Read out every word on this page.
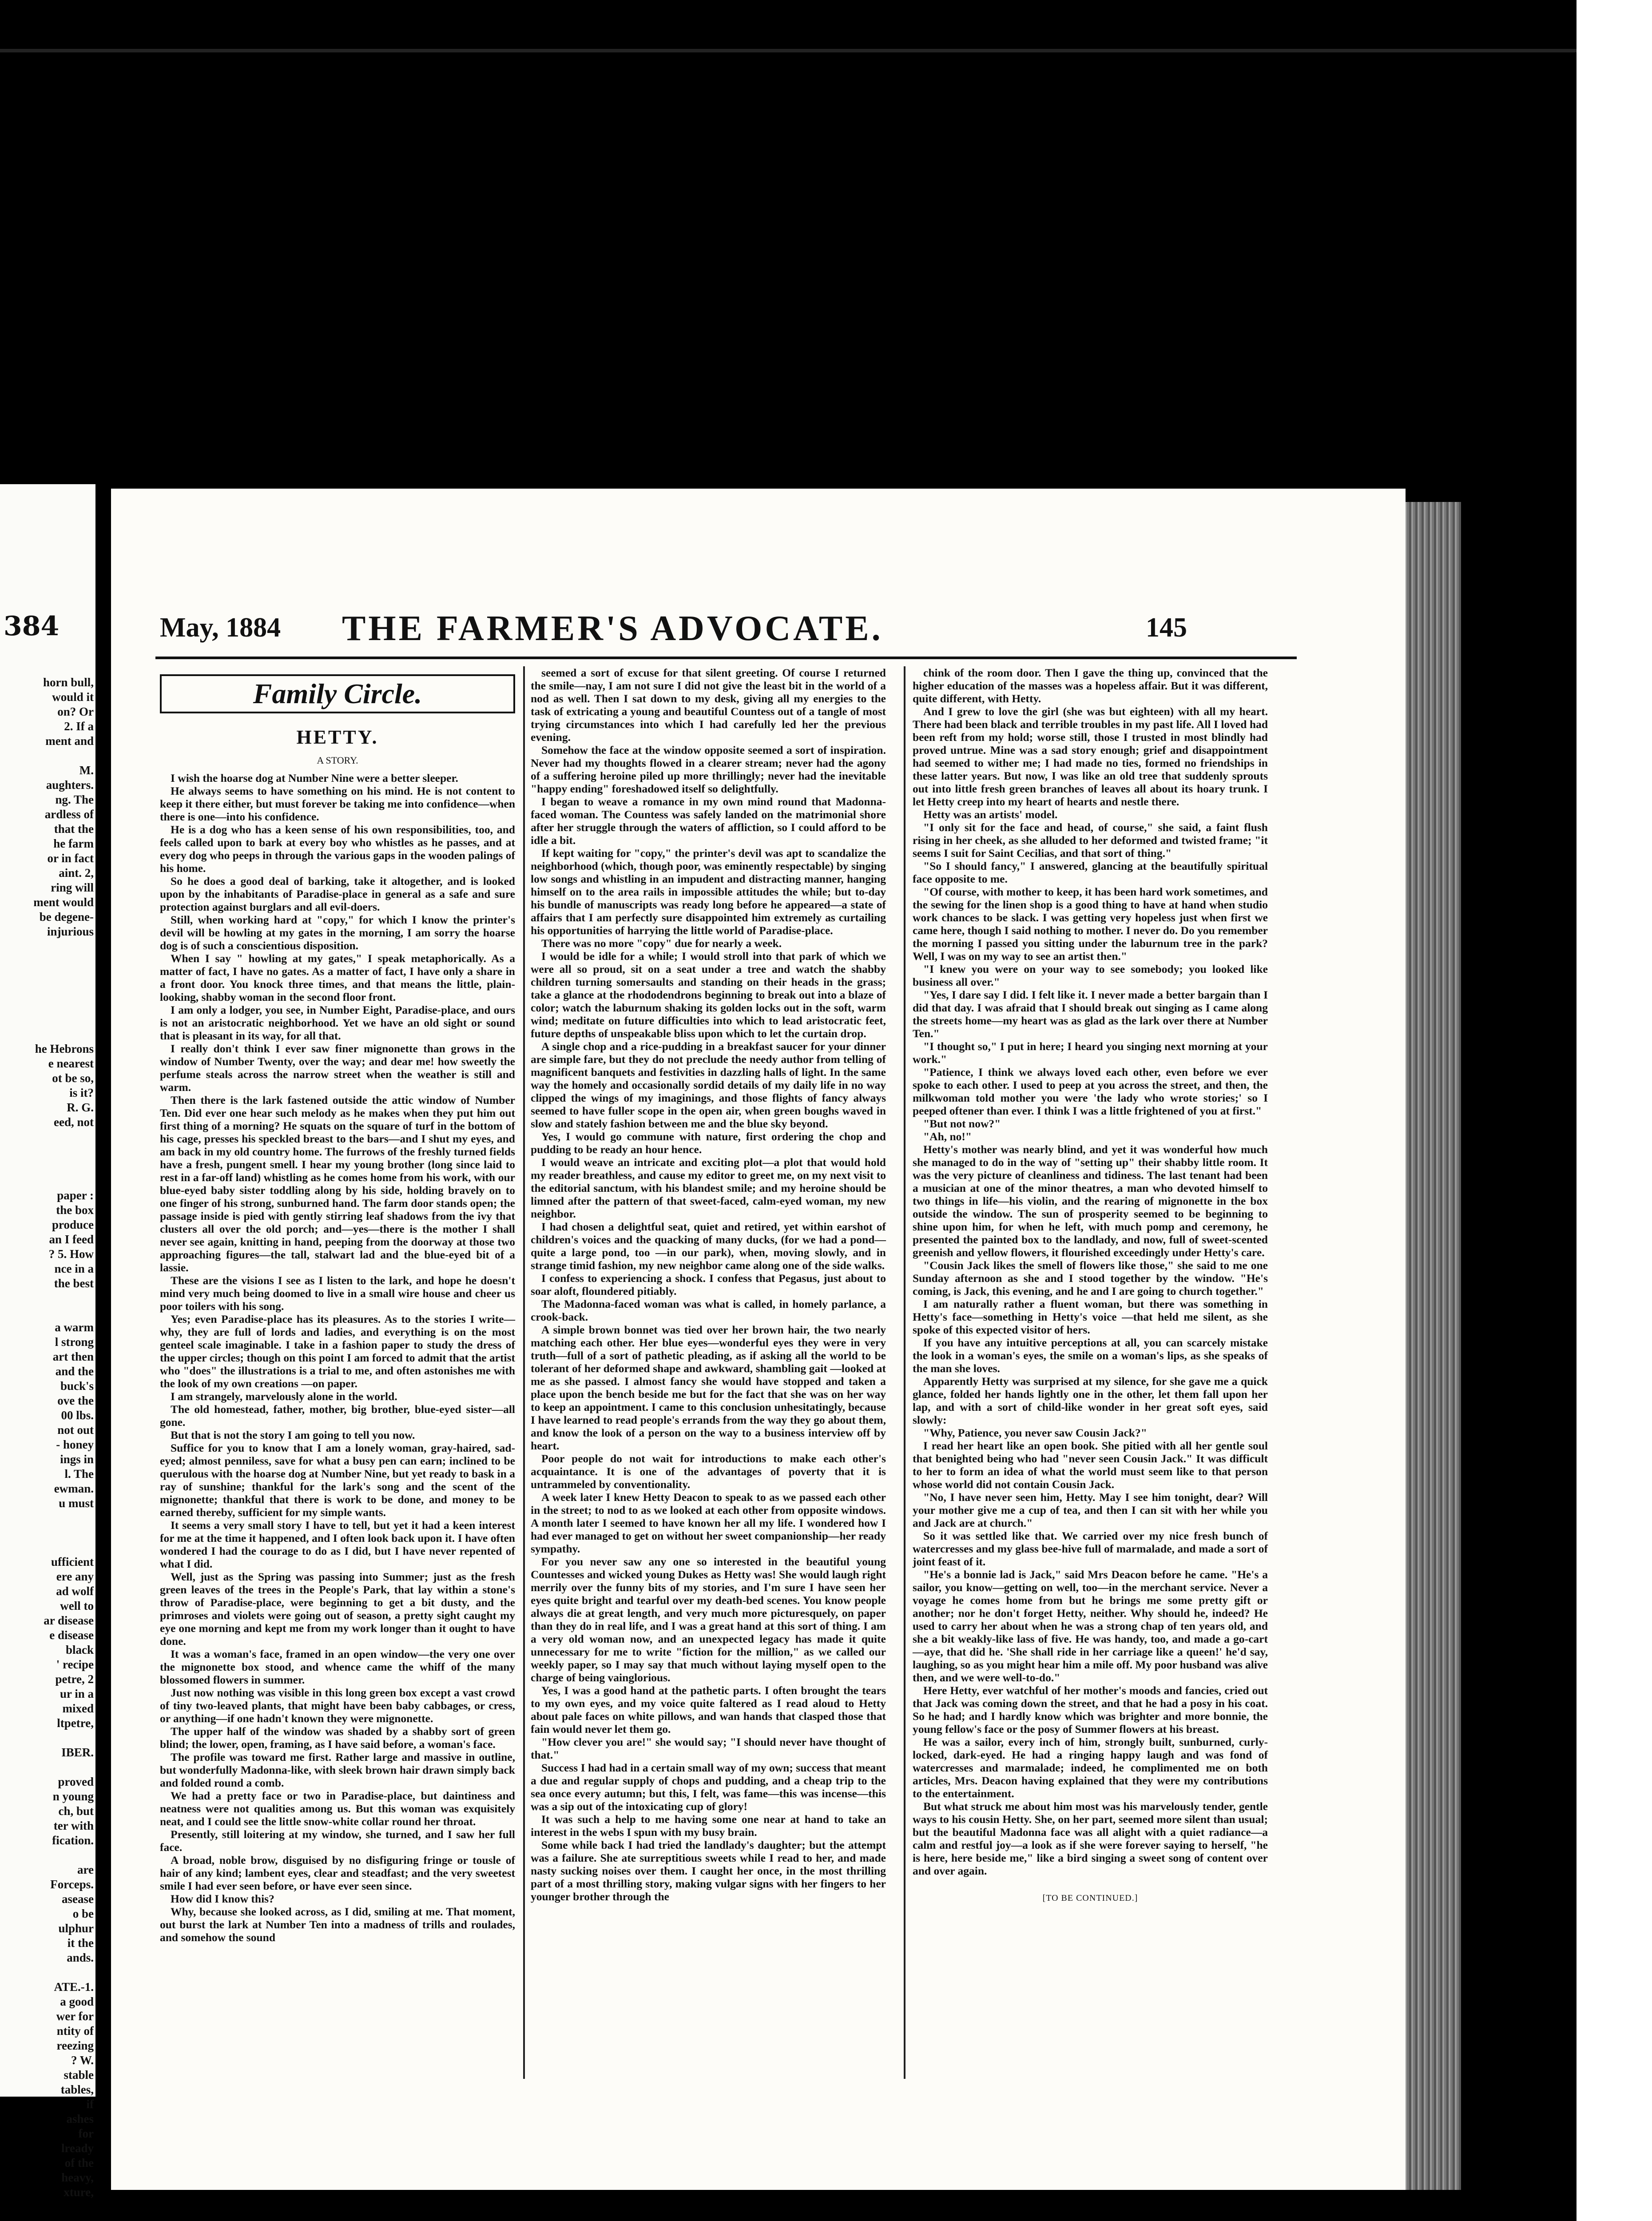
384
horn bull,
would it
on? Or
2. If a
ment and

M.
aughters.
ng. The
ardless of
that the
he farm
or in fact
aint. 2,
ring will
ment would
be degene-
injurious

he Hebrons
e nearest
ot be so,
is it?
R. G.
eed, not

paper :
the box
produce
an I feed
? 5. How
nce in a
the best

a warm
l strong
art then
and the
buck's
ove the
00 lbs.
not out
- honey
ings in
l. The
ewman.
u must

ufficient
ere any
ad wolf
well to
ar disease
e disease
black
' recipe
petre, 2
ur in a
mixed
ltpetre,

IBER.

proved
n young
ch, but
ter with
fication.

are
Forceps.
asease
o be
ulphur
it the
ands.

ATE.-1.
a good
wer for
ntity of
reezing
? W.
stable
tables,
if
ashes
for
lready
of the
heavy,
xture,
May, 1884 THE FARMER'S ADVOCATE.	145
Family Circle.
HETTY.
A STORY.

I wish the hoarse dog at Number Nine were a better sleeper.

He always seems to have something on his mind. He is not content to keep it there either, but must forever be taking me into confidence—when there is one—into his confidence.

He is a dog who has a keen sense of his own responsibilities, too, and feels called upon to bark at every boy who whistles as he passes, and at every dog who peeps in through the various gaps in the wooden palings of his home.

So he does a good deal of barking, take it altogether, and is looked upon by the inhabitants of Paradise-place in general as a safe and sure protection against burglars and all evil-doers.

Still, when working hard at "copy," for which I know the printer's devil will be howling at my gates in the morning, I am sorry the hoarse dog is of such a conscientious disposition.

When I say " howling at my gates," I speak metaphorically. As a matter of fact, I have no gates. As a matter of fact, I have only a share in a front door. You knock three times, and that means the little, plain-looking, shabby woman in the second floor front.

I am only a lodger, you see, in Number Eight, Paradise-place, and ours is not an aristocratic neighborhood. Yet we have an old sight or sound that is pleasant in its way, for all that.

I really don't think I ever saw finer mignonette than grows in the window of Number Twenty, over the way; and dear me! how sweetly the perfume steals across the narrow street when the weather is still and warm.

Then there is the lark fastened outside the attic window of Number Ten. Did ever one hear such melody as he makes when they put him out first thing of a morning? He squats on the square of turf in the bottom of his cage, presses his speckled breast to the bars—and I shut my eyes, and am back in my old country home. The furrows of the freshly turned fields have a fresh, pungent smell. I hear my young brother (long since laid to rest in a far-off land) whistling as he comes home from his work, with our blue-eyed baby sister toddling along by his side, holding bravely on to one finger of his strong, sunburned hand. The farm door stands open; the passage inside is pied with gently stirring leaf shadows from the ivy that clusters all over the old porch; and—yes—there is the mother I shall never see again, knitting in hand, peeping from the doorway at those two approaching figures—the tall, stalwart lad and the blue-eyed bit of a lassie.

These are the visions I see as I listen to the lark, and hope he doesn't mind very much being doomed to live in a small wire house and cheer us poor toilers with his song.

Yes; even Paradise-place has its pleasures. As to the stories I write—why, they are full of lords and ladies, and everything is on the most genteel scale imaginable. I take in a fashion paper to study the dress of the upper circles; though on this point I am forced to admit that the artist who "does" the illustrations is a trial to me, and often astonishes me with the look of my own creations —on paper.

I am strangely, marvelously alone in the world.

The old homestead, father, mother, big brother, blue-eyed sister—all gone.

But that is not the story I am going to tell you now.

Suffice for you to know that I am a lonely woman, gray-haired, sad-eyed; almost penniless, save for what a busy pen can earn; inclined to be querulous with the hoarse dog at Number Nine, but yet ready to bask in a ray of sunshine; thankful for the lark's song and the scent of the mignonette; thankful that there is work to be done, and money to be earned thereby, sufficient for my simple wants.

It seems a very small story I have to tell, but yet it had a keen interest for me at the time it happened, and I often look back upon it. I have often wondered I had the courage to do as I did, but I have never repented of what I did.

Well, just as the Spring was passing into Summer; just as the fresh green leaves of the trees in the People's Park, that lay within a stone's throw of Paradise-place, were beginning to get a bit dusty, and the primroses and violets were going out of season, a pretty sight caught my eye one morning and kept me from my work longer than it ought to have done.

It was a woman's face, framed in an open window—the very one over the mignonette box stood, and whence came the whiff of the many blossomed flowers in summer.

Just now nothing was visible in this long green box except a vast crowd of tiny two-leaved plants, that might have been baby cabbages, or cress, or anything—if one hadn't known they were mignonette.

The upper half of the window was shaded by a shabby sort of green blind; the lower, open, framing, as I have said before, a woman's face.

The profile was toward me first. Rather large and massive in outline, but wonderfully Madonna-like, with sleek brown hair drawn simply back and folded round a comb.

We had a pretty face or two in Paradise-place, but daintiness and neatness were not qualities among us. But this woman was exquisitely neat, and I could see the little snow-white collar round her throat.

Presently, still loitering at my window, she turned, and I saw her full face.

A broad, noble brow, disguised by no disfiguring fringe or tousle of hair of any kind; lambent eyes, clear and steadfast; and the very sweetest smile I had ever seen before, or have ever seen since.

How did I know this?

Why, because she looked across, as I did, smiling at me. That moment, out burst the lark at Number Ten into a madness of trills and roulades, and somehow the sound

seemed a sort of excuse for that silent greeting. Of course I returned the smile—nay, I am not sure I did not give the least bit in the world of a nod as well. Then I sat down to my desk, giving all my energies to the task of extricating a young and beautiful Countess out of a tangle of most trying circumstances into which I had carefully led her the previous evening.

Somehow the face at the window opposite seemed a sort of inspiration. Never had my thoughts flowed in a clearer stream; never had the agony of a suffering heroine piled up more thrillingly; never had the inevitable "happy ending" foreshadowed itself so delightfully.

I began to weave a romance in my own mind round that Madonna-faced woman. The Countess was safely landed on the matrimonial shore after her struggle through the waters of affliction, so I could afford to be idle a bit.

If kept waiting for "copy," the printer's devil was apt to scandalize the neighborhood (which, though poor, was eminently respectable) by singing low songs and whistling in an impudent and distracting manner, hanging himself on to the area rails in impossible attitudes the while; but to-day his bundle of manuscripts was ready long before he appeared—a state of affairs that I am perfectly sure disappointed him extremely as curtailing his opportunities of harrying the little world of Paradise-place.

There was no more "copy" due for nearly a week.

I would be idle for a while; I would stroll into that park of which we were all so proud, sit on a seat under a tree and watch the shabby children turning somersaults and standing on their heads in the grass; take a glance at the rhododendrons beginning to break out into a blaze of color; watch the laburnum shaking its golden locks out in the soft, warm wind; meditate on future difficulties into which to lead aristocratic feet, future depths of unspeakable bliss upon which to let the curtain drop.

A single chop and a rice-pudding in a breakfast saucer for your dinner are simple fare, but they do not preclude the needy author from telling of magnificent banquets and festivities in dazzling halls of light. In the same way the homely and occasionally sordid details of my daily life in no way clipped the wings of my imaginings, and those flights of fancy always seemed to have fuller scope in the open air, when green boughs waved in slow and stately fashion between me and the blue sky beyond.

Yes, I would go commune with nature, first ordering the chop and pudding to be ready an hour hence.

I would weave an intricate and exciting plot—a plot that would hold my reader breathless, and cause my editor to greet me, on my next visit to the editorial sanctum, with his blandest smile; and my heroine should be limned after the pattern of that sweet-faced, calm-eyed woman, my new neighbor.

I had chosen a delightful seat, quiet and retired, yet within earshot of children's voices and the quacking of many ducks, (for we had a pond—quite a large pond, too —in our park), when, moving slowly, and in strange timid fashion, my new neighbor came along one of the side walks.

I confess to experiencing a shock. I confess that Pegasus, just about to soar aloft, floundered pitiably.

The Madonna-faced woman was what is called, in homely parlance, a crook-back.

A simple brown bonnet was tied over her brown hair, the two nearly matching each other. Her blue eyes—wonderful eyes they were in very truth—full of a sort of pathetic pleading, as if asking all the world to be tolerant of her deformed shape and awkward, shambling gait —looked at me as she passed. I almost fancy she would have stopped and taken a place upon the bench beside me but for the fact that she was on her way to keep an appointment. I came to this conclusion unhesitatingly, because I have learned to read people's errands from the way they go about them, and know the look of a person on the way to a business interview off by heart.

Poor people do not wait for introductions to make each other's acquaintance. It is one of the advantages of poverty that it is untrammeled by conventionality.

A week later I knew Hetty Deacon to speak to as we passed each other in the street; to nod to as we looked at each other from opposite windows. A month later I seemed to have known her all my life. I wondered how I had ever managed to get on without her sweet companionship—her ready sympathy.

For you never saw any one so interested in the beautiful young Countesses and wicked young Dukes as Hetty was! She would laugh right merrily over the funny bits of my stories, and I'm sure I have seen her eyes quite bright and tearful over my death-bed scenes. You know people always die at great length, and very much more picturesquely, on paper than they do in real life, and I was a great hand at this sort of thing. I am a very old woman now, and an unexpected legacy has made it quite unnecessary for me to write "fiction for the million," as we called our weekly paper, so I may say that much without laying myself open to the charge of being vainglorious.

Yes, I was a good hand at the pathetic parts. I often brought the tears to my own eyes, and my voice quite faltered as I read aloud to Hetty about pale faces on white pillows, and wan hands that clasped those that fain would never let them go.

"How clever you are!" she would say; "I should never have thought of that."

Success I had had in a certain small way of my own; success that meant a due and regular supply of chops and pudding, and a cheap trip to the sea once every autumn; but this, I felt, was fame—this was incense—this was a sip out of the intoxicating cup of glory!

It was such a help to me having some one near at hand to take an interest in the webs I spun with my busy brain.

Some while back I had tried the landlady's daughter; but the attempt was a failure. She ate surreptitious sweets while I read to her, and made nasty sucking noises over them. I caught her once, in the most thrilling part of a most thrilling story, making vulgar signs with her fingers to her younger brother through the

chink of the room door. Then I gave the thing up, convinced that the higher education of the masses was a hopeless affair. But it was different, quite different, with Hetty.

And I grew to love the girl (she was but eighteen) with all my heart. There had been black and terrible troubles in my past life. All I loved had been reft from my hold; worse still, those I trusted in most blindly had proved untrue. Mine was a sad story enough; grief and disappointment had seemed to wither me; I had made no ties, formed no friendships in these latter years. But now, I was like an old tree that suddenly sprouts out into little fresh green branches of leaves all about its hoary trunk. I let Hetty creep into my heart of hearts and nestle there.

Hetty was an artists' model.

"I only sit for the face and head, of course," she said, a faint flush rising in her cheek, as she alluded to her deformed and twisted frame; "it seems I suit for Saint Cecilias, and that sort of thing."

"So I should fancy," I answered, glancing at the beautifully spiritual face opposite to me.

"Of course, with mother to keep, it has been hard work sometimes, and the sewing for the linen shop is a good thing to have at hand when studio work chances to be slack. I was getting very hopeless just when first we came here, though I said nothing to mother. I never do. Do you remember the morning I passed you sitting under the laburnum tree in the park? Well, I was on my way to see an artist then."

"I knew you were on your way to see somebody; you looked like business all over."

"Yes, I dare say I did. I felt like it. I never made a better bargain than I did that day. I was afraid that I should break out singing as I came along the streets home—my heart was as glad as the lark over there at Number Ten."

"I thought so," I put in here; I heard you singing next morning at your work."

"Patience, I think we always loved each other, even before we ever spoke to each other. I used to peep at you across the street, and then, the milkwoman told mother you were 'the lady who wrote stories;' so I peeped oftener than ever. I think I was a little frightened of you at first."

"But not now?"

"Ah, no!"

Hetty's mother was nearly blind, and yet it was wonderful how much she managed to do in the way of "setting up" their shabby little room. It was the very picture of cleanliness and tidiness. The last tenant had been a musician at one of the minor theatres, a man who devoted himself to two things in life—his violin, and the rearing of mignonette in the box outside the window. The sun of prosperity seemed to be beginning to shine upon him, for when he left, with much pomp and ceremony, he presented the painted box to the landlady, and now, full of sweet-scented greenish and yellow flowers, it flourished exceedingly under Hetty's care.

"Cousin Jack likes the smell of flowers like those," she said to me one Sunday afternoon as she and I stood together by the window. "He's coming, is Jack, this evening, and he and I are going to church together."

I am naturally rather a fluent woman, but there was something in Hetty's face—something in Hetty's voice —that held me silent, as she spoke of this expected visitor of hers.

If you have any intuitive perceptions at all, you can scarcely mistake the look in a woman's eyes, the smile on a woman's lips, as she speaks of the man she loves.

Apparently Hetty was surprised at my silence, for she gave me a quick glance, folded her hands lightly one in the other, let them fall upon her lap, and with a sort of child-like wonder in her great soft eyes, said slowly:

"Why, Patience, you never saw Cousin Jack?"

I read her heart like an open book. She pitied with all her gentle soul that benighted being who had "never seen Cousin Jack." It was difficult to her to form an idea of what the world must seem like to that person whose world did not contain Cousin Jack.

"No, I have never seen him, Hetty. May I see him tonight, dear? Will your mother give me a cup of tea, and then I can sit with her while you and Jack are at church."

So it was settled like that. We carried over my nice fresh bunch of watercresses and my glass bee-hive full of marmalade, and made a sort of joint feast of it.

"He's a bonnie lad is Jack," said Mrs Deacon before he came. "He's a sailor, you know—getting on well, too—in the merchant service. Never a voyage he comes home from but he brings me some pretty gift or another; nor he don't forget Hetty, neither. Why should he, indeed? He used to carry her about when he was a strong chap of ten years old, and she a bit weakly-like lass of five. He was handy, too, and made a go-cart—aye, that did he. 'She shall ride in her carriage like a queen!' he'd say, laughing, so as you might hear him a mile off. My poor husband was alive then, and we were well-to-do."

Here Hetty, ever watchful of her mother's moods and fancies, cried out that Jack was coming down the street, and that he had a posy in his coat. So he had; and I hardly know which was brighter and more bonnie, the young fellow's face or the posy of Summer flowers at his breast.

He was a sailor, every inch of him, strongly built, sunburned, curly-locked, dark-eyed. He had a ringing happy laugh and was fond of watercresses and marmalade; indeed, he complimented me on both articles, Mrs. Deacon having explained that they were my contributions to the entertainment.

But what struck me about him most was his marvelously tender, gentle ways to his cousin Hetty. She, on her part, seemed more silent than usual; but the beautiful Madonna face was all alight with a quiet radiance—a calm and restful joy—a look as if she were forever saying to herself, "he is here, here beside me," like a bird singing a sweet song of content over and over again.

[TO BE CONTINUED.]
